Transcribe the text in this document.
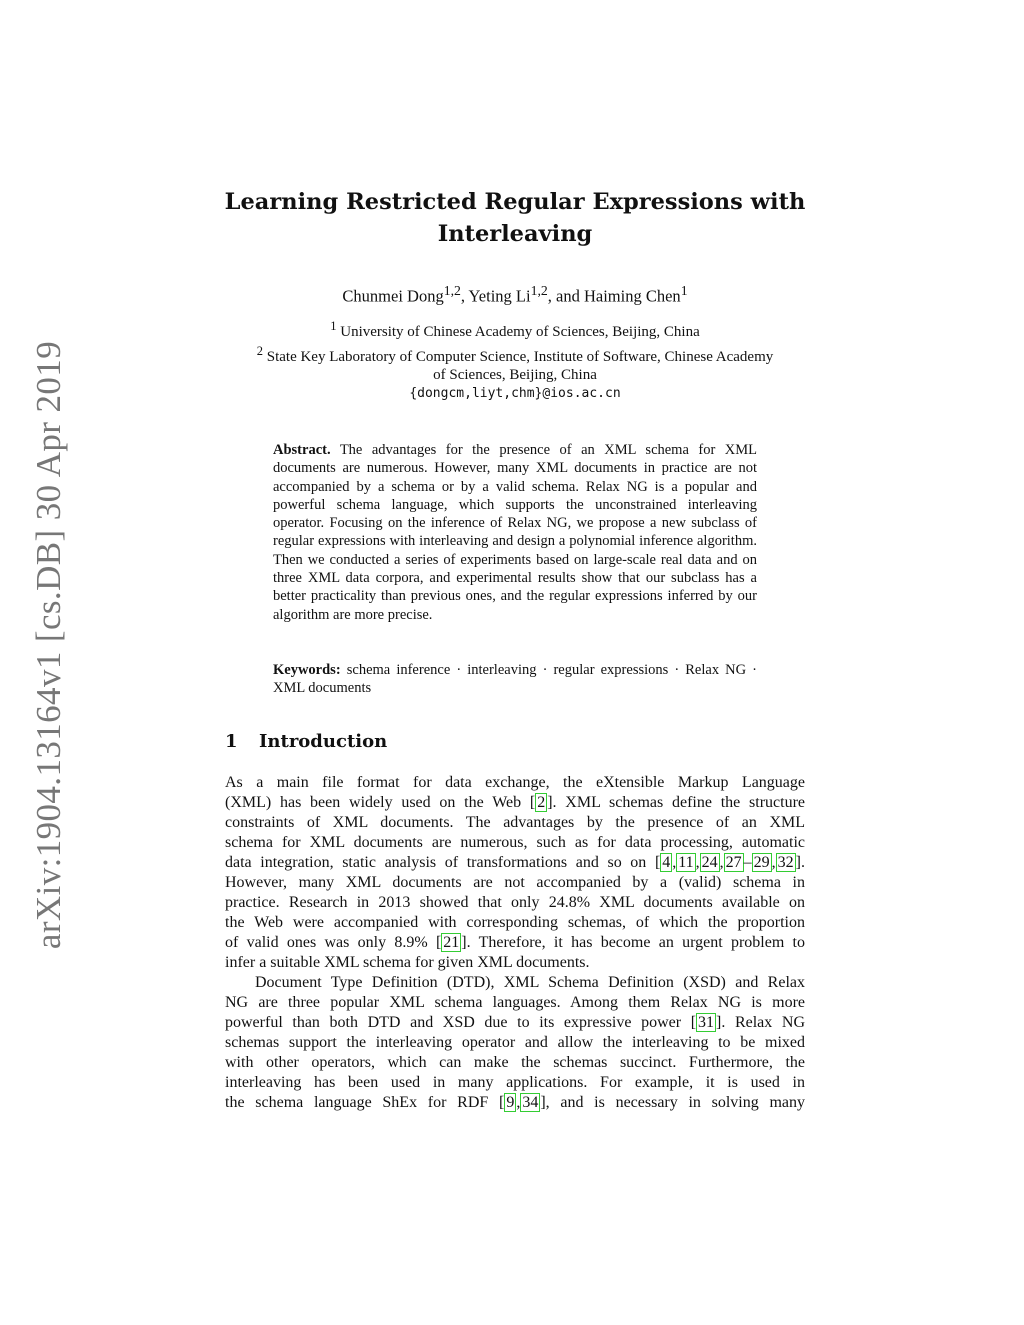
arXiv:1904.13164v1 [cs.DB] 30 Apr 2019
Learning Restricted Regular Expressions with
Interleaving
Chunmei Dong$^{1,2}$, Yeting Li$^{1,2}$, and Haiming Chen$^1$
$^1$ University of Chinese Academy of Sciences, Beijing, China
$^2$ State Key Laboratory of Computer Science, Institute of Software, Chinese Academy
of Sciences, Beijing, China
{dongcm,liyt,chm}@ios.ac.cn
Abstract. The advantages for the presence of an XML schema for XML documents are numerous. However, many XML documents in practice are not accompanied by a schema or by a valid schema. Relax NG is a popular and powerful schema language, which supports the unconstrained interleaving operator. Focusing on the inference of Relax NG, we propose a new subclass of regular expressions with interleaving and design a polynomial inference algorithm. Then we conducted a series of experiments based on large-scale real data and on three XML data corpora, and experimental results show that our subclass has a better practicality than previous ones, and the regular expressions inferred by our algorithm are more precise.
Keywords: schema inference · interleaving · regular expressions · Relax NG · XML documents
1 Introduction
As a main file format for data exchange, the eXtensible Markup Language
(XML) has been widely used on the Web [ 2 ]. XML schemas define the structure
constraints of XML documents. The advantages by the presence of an XML
schema for XML documents are numerous, such as for data processing, automatic
data integration, static analysis of transformations and so on [ 4 , 11 , 24 , 27 – 29 , 32 ].
However, many XML documents are not accompanied by a (valid) schema in
practice. Research in 2013 showed that only 24.8% XML documents available on
the Web were accompanied with corresponding schemas, of which the proportion
of valid ones was only 8.9% [ 21 ]. Therefore, it has become an urgent problem to
infer a suitable XML schema for given XML documents.
Document Type Definition (DTD), XML Schema Definition (XSD) and Relax
NG are three popular XML schema languages. Among them Relax NG is more
powerful than both DTD and XSD due to its expressive power [ 31 ]. Relax NG
schemas support the interleaving operator and allow the interleaving to be mixed
with other operators, which can make the schemas succinct. Furthermore, the
interleaving has been used in many applications. For example, it is used in
the schema language ShEx for RDF [ 9 , 34 ], and is necessary in solving many
